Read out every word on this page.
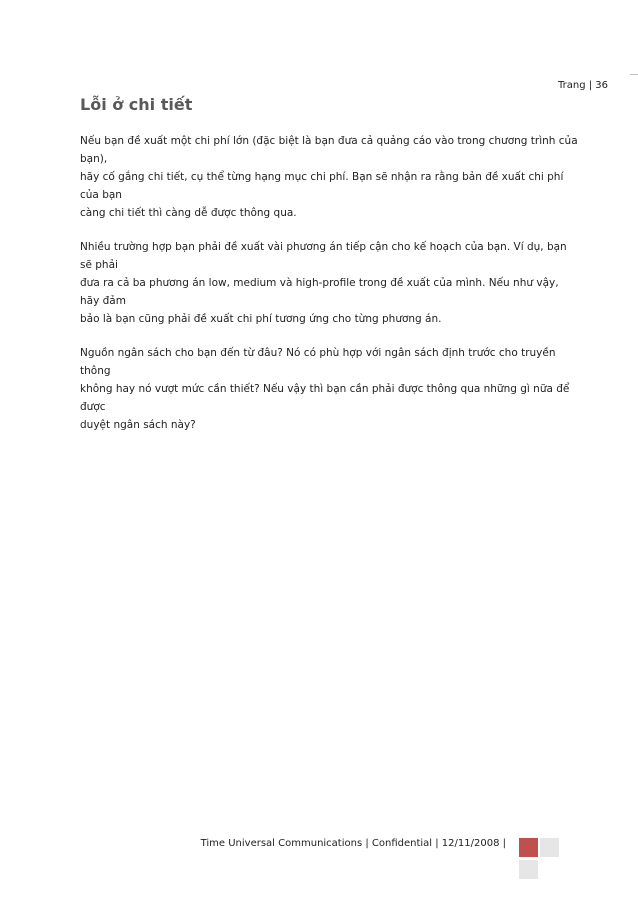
Trang | 36
Lỗi ở chi tiết

Nếu bạn đề xuất một chi phí lớn (đặc biệt là bạn đưa cả quảng cáo vào trong chương trình của bạn),
hãy cố gắng chi tiết, cụ thể từng hạng mục chi phí. Bạn sẽ nhận ra rằng bản đề xuất chi phí của bạn
càng chi tiết thì càng dễ được thông qua.

Nhiều trường hợp bạn phải đề xuất vài phương án tiếp cận cho kế hoạch của bạn. Ví dụ, bạn sẽ phải
đưa ra cả ba phương án low, medium và high-profile trong đề xuất của mình. Nếu như vậy, hãy đảm
bảo là bạn cũng phải đề xuất chi phí tương ứng cho từng phương án.

Nguồn ngân sách cho bạn đến từ đâu? Nó có phù hợp với ngân sách định trước cho truyền thông
không hay nó vượt mức cần thiết? Nếu vậy thì bạn cần phải được thông qua những gì nữa để được
duyệt ngân sách này?

Time Universal Communications | Confidential | 12/11/2008 |
